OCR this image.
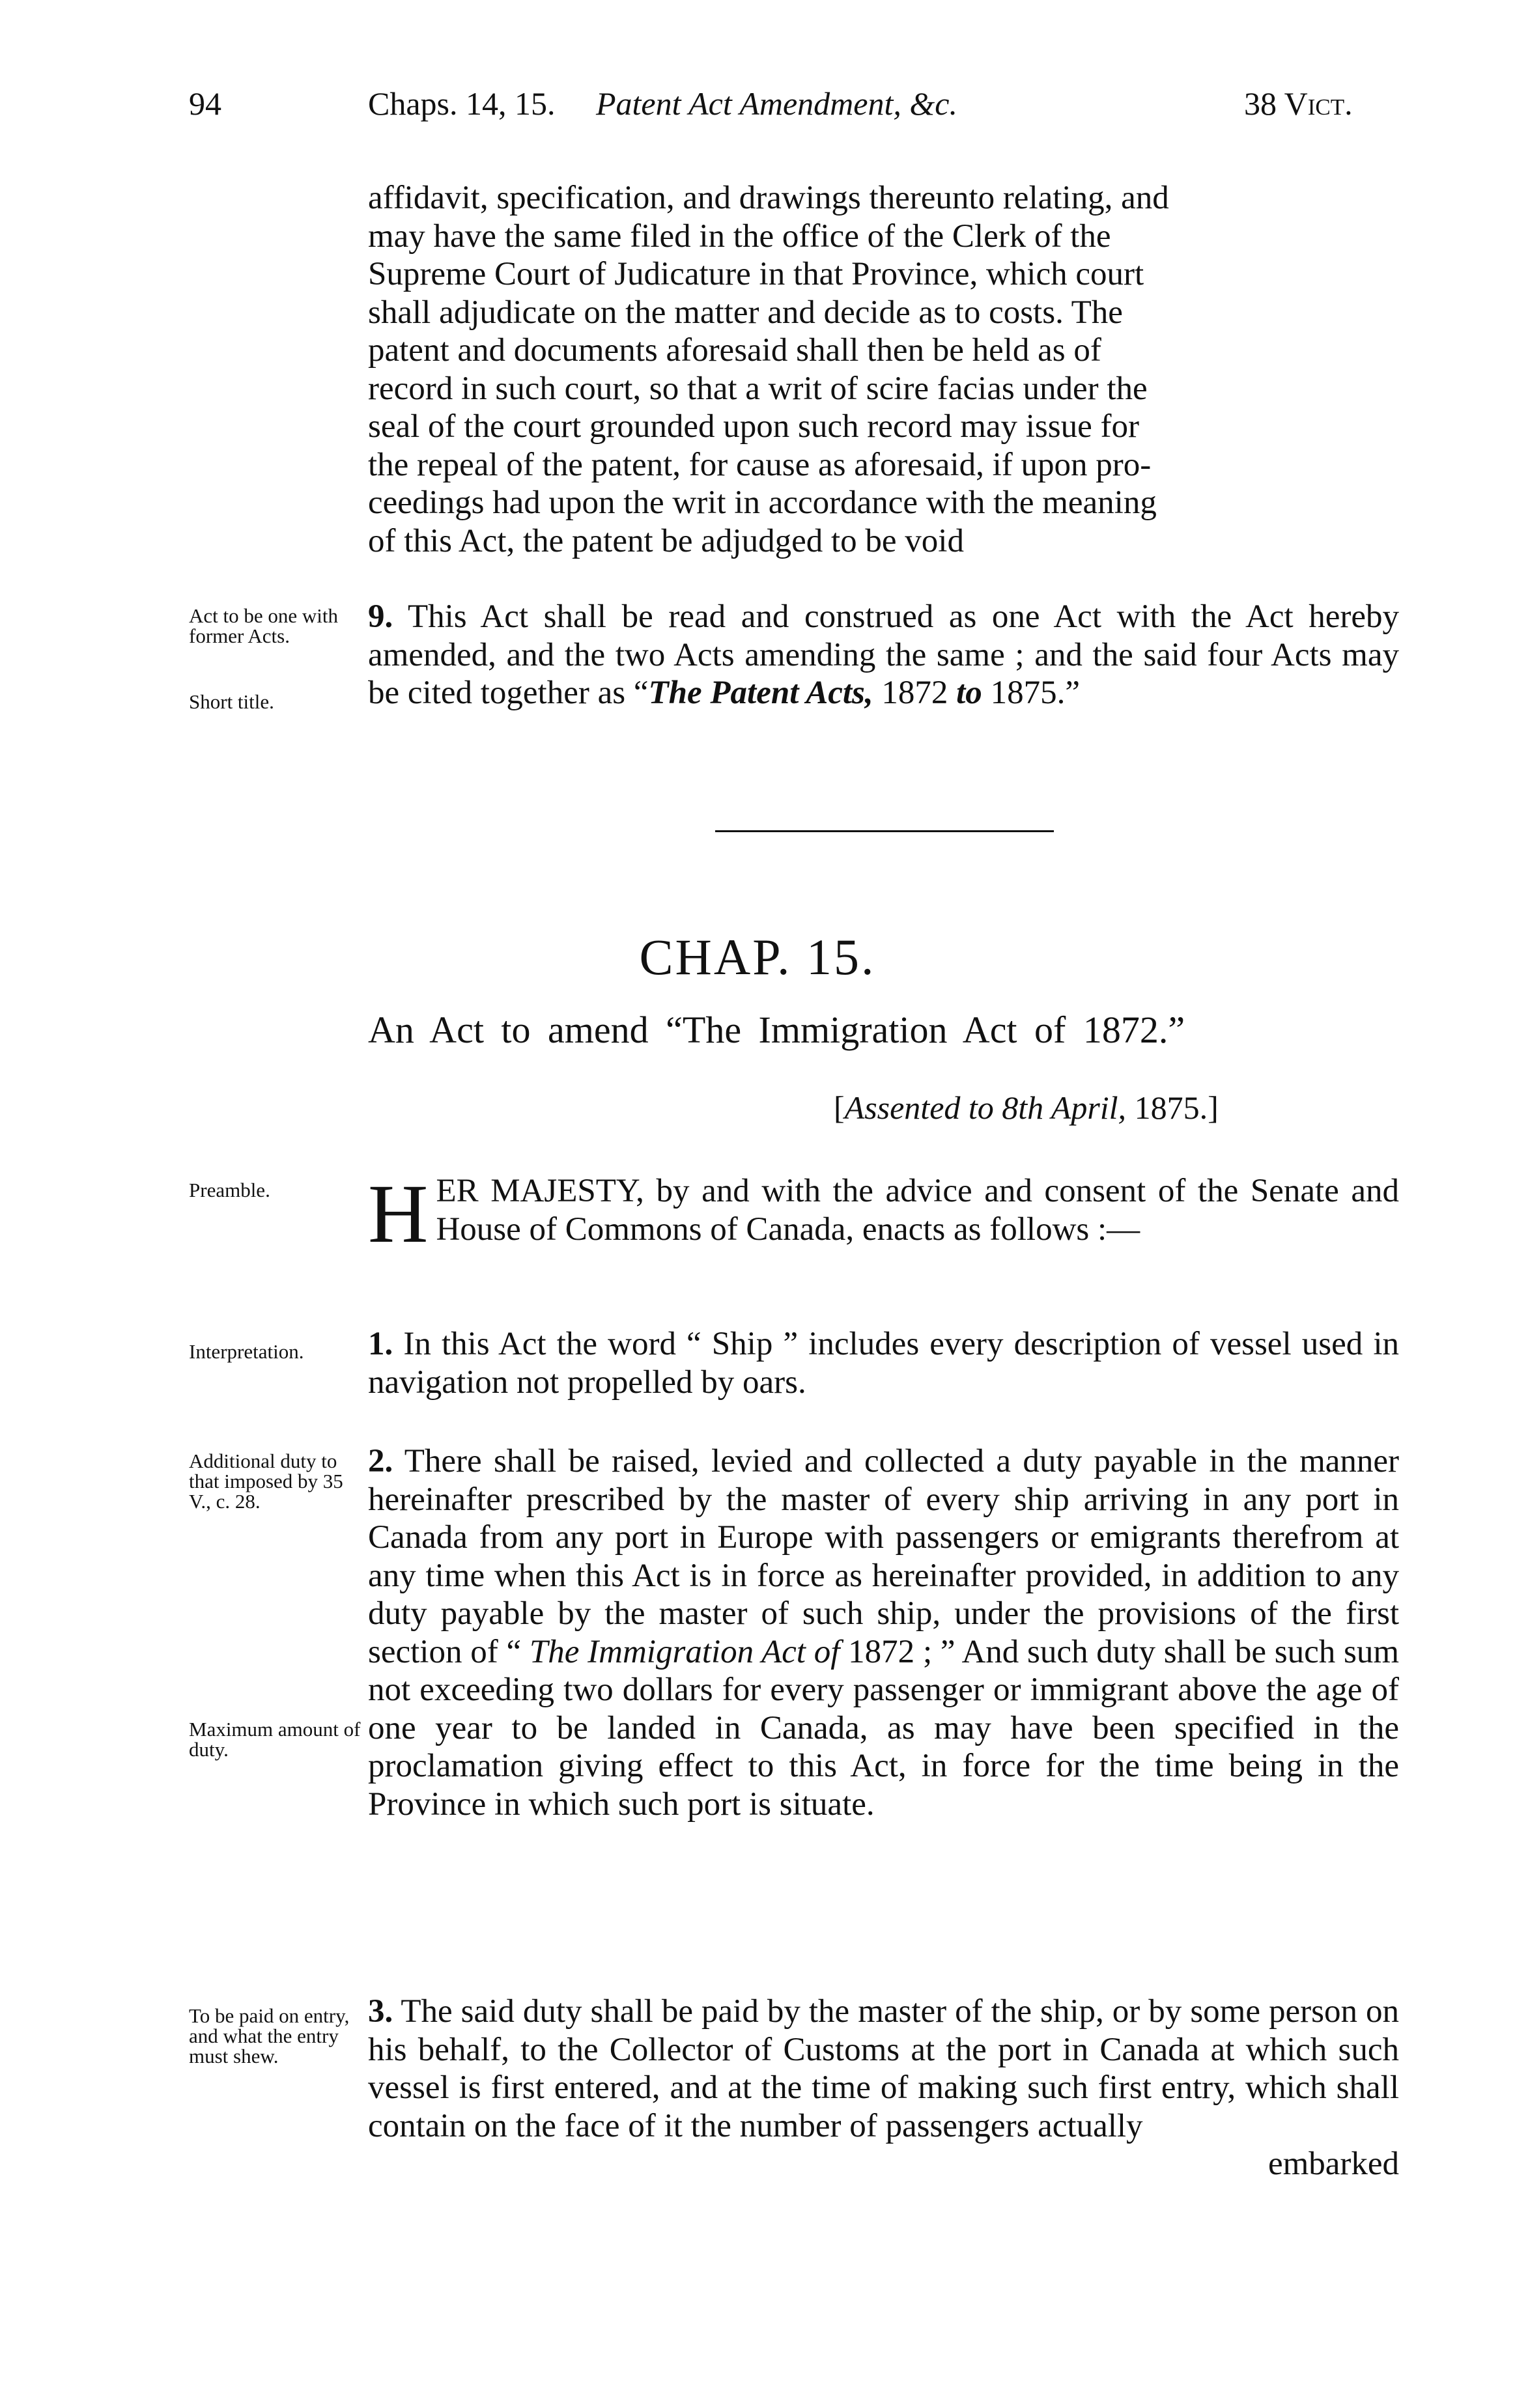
94	Chaps. 14, 15. Patent Act Amendment, &c.	38 Vict.
affidavit, specification, and drawings thereunto relating, and
may have the same filed in the office of the Clerk of the
Supreme Court of Judicature in that Province, which court
shall adjudicate on the matter and decide as to costs. The
patent and documents aforesaid shall then be held as of
record in such court, so that a writ of scire facias under the
seal of the court grounded upon such record may issue for
the repeal of the patent, for cause as aforesaid, if upon pro-
ceedings had upon the writ in accordance with the meaning
of this Act, the patent be adjudged to be void
Act to be one with former Acts.
Short title.

9. This Act shall be read and construed as one Act with the Act hereby amended, and the two Acts amending the same ; and the said four Acts may be cited together as “The Patent Acts, 1872 to 1875.”

CHAP. 15.
An Act to amend “The Immigration Act of 1872.”
[Assented to 8th April, 1875.]
Preamble.	HER MAJESTY, by and with the advice and consent of the Senate and House of Commons of Canada, enacts as follows :—

Interpretation.	1. In this Act the word “ Ship ” includes every description of vessel used in navigation not propelled by oars.

Additional duty to that imposed by 35 V., c. 28.
Maximum amount of duty.

2. There shall be raised, levied and collected a duty payable in the manner hereinafter prescribed by the master of every ship arriving in any port in Canada from any port in Europe with passengers or emigrants therefrom at any time when this Act is in force as hereinafter provided, in addition to any duty payable by the master of such ship, under the provisions of the first section of “ The Immigration Act of 1872 ; ” And such duty shall be such sum not exceeding two dollars for every passenger or immigrant above the age of one year to be landed in Canada, as may have been specified in the proclamation giving effect to this Act, in force for the time being in the Province in which such port is situate.

To be paid on entry, and what the entry must shew.

3. The said duty shall be paid by the master of the ship, or by some person on his behalf, to the Collector of Customs at the port in Canada at which such vessel is first entered, and at the time of making such first entry, which shall contain on the face of it the number of passengers actually

embarked
